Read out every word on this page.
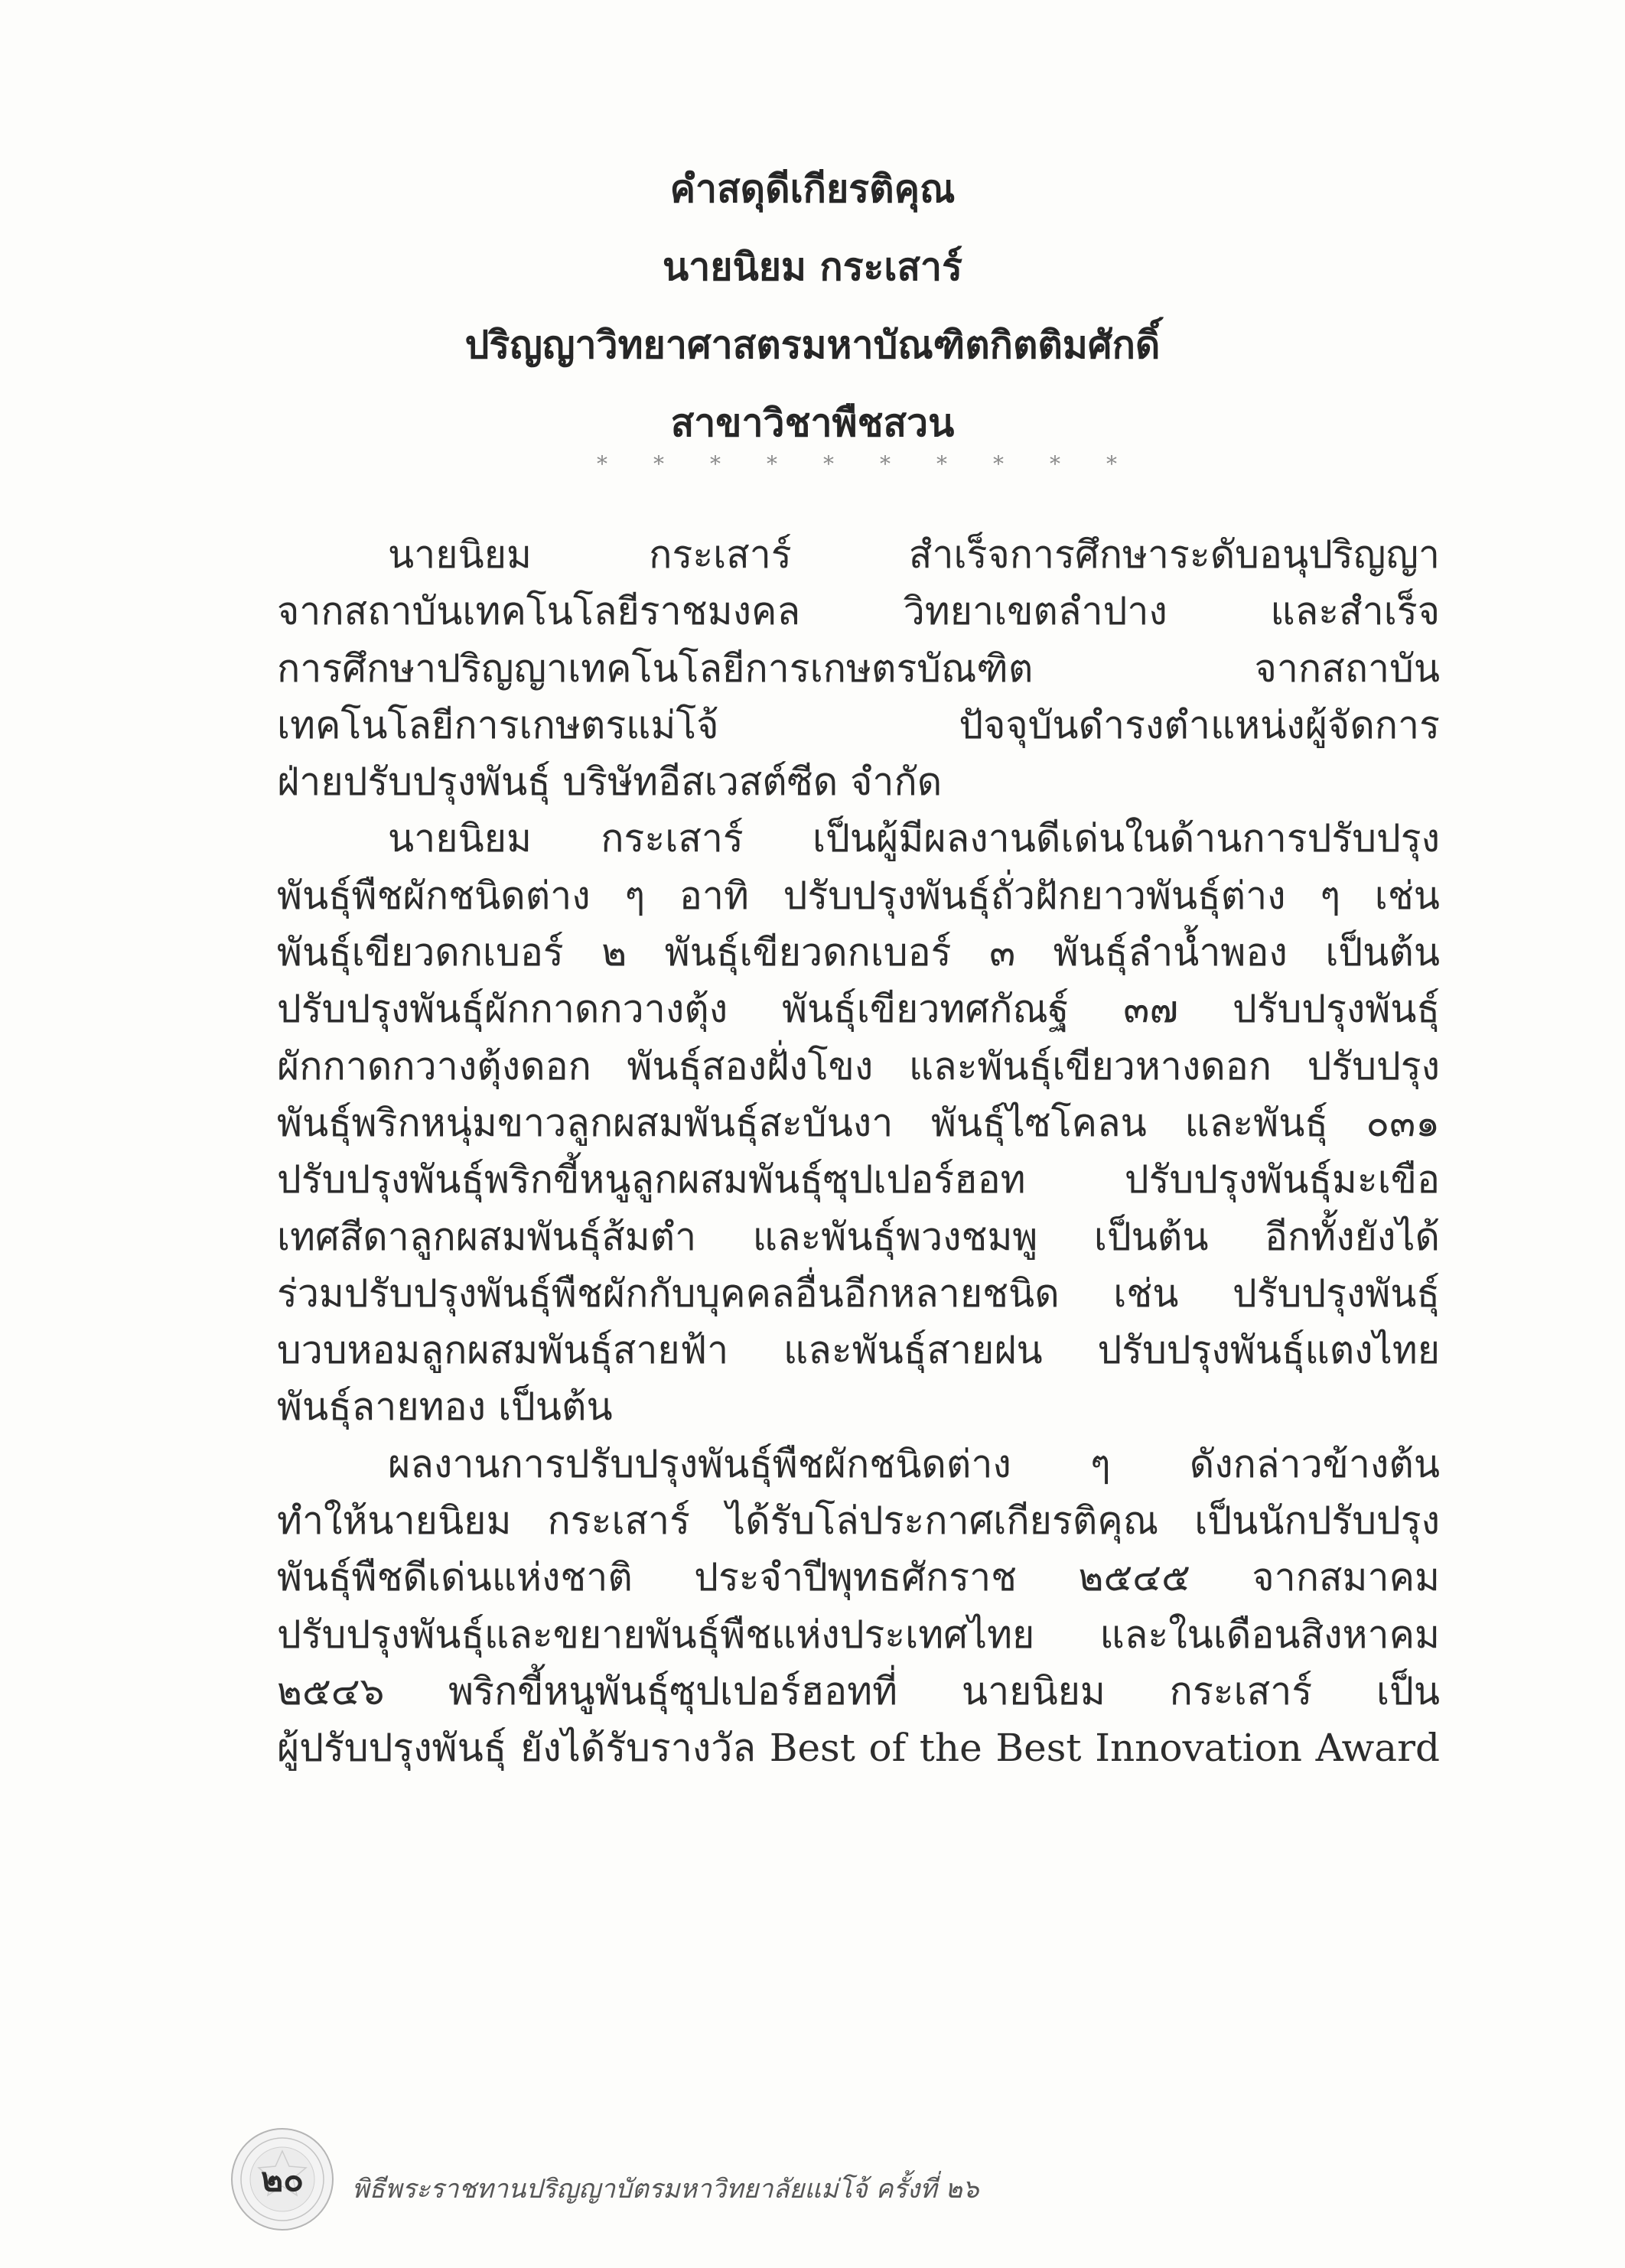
คำสดุดีเกียรติคุณ
นายนิยม กระเสาร์
ปริญญาวิทยาศาสตรมหาบัณฑิตกิตติมศักดิ์
สาขาวิชาพืชสวน
* * * * * * * * * *
นายนิยม กระเสาร์ สำเร็จการศึกษาระดับอนุปริญญา
จากสถาบันเทคโนโลยีราชมงคล วิทยาเขตลำปาง และสำเร็จ
การศึกษาปริญญาเทคโนโลยีการเกษตรบัณฑิต จากสถาบัน
เทคโนโลยีการเกษตรแม่โจ้ ปัจจุบันดำรงตำแหน่งผู้จัดการ
ฝ่ายปรับปรุงพันธุ์ บริษัทอีสเวสต์ซีด จำกัด
นายนิยม กระเสาร์ เป็นผู้มีผลงานดีเด่นในด้านการปรับปรุง
พันธุ์พืชผักชนิดต่าง ๆ อาทิ ปรับปรุงพันธุ์ถั่วฝักยาวพันธุ์ต่าง ๆ เช่น
พันธุ์เขียวดกเบอร์ ๒ พันธุ์เขียวดกเบอร์ ๓ พันธุ์ลำน้ำพอง เป็นต้น
ปรับปรุงพันธุ์ผักกาดกวางตุ้ง พันธุ์เขียวทศกัณฐ์ ๓๗ ปรับปรุงพันธุ์
ผักกาดกวางตุ้งดอก พันธุ์สองฝั่งโขง และพันธุ์เขียวหางดอก ปรับปรุง
พันธุ์พริกหนุ่มขาวลูกผสมพันธุ์สะบันงา พันธุ์ไซโคลน และพันธุ์ ๐๓๑
ปรับปรุงพันธุ์พริกขี้หนูลูกผสมพันธุ์ซุปเปอร์ฮอท ปรับปรุงพันธุ์มะเขือ
เทศสีดาลูกผสมพันธุ์ส้มตำ และพันธุ์พวงชมพู เป็นต้น อีกทั้งยังได้
ร่วมปรับปรุงพันธุ์พืชผักกับบุคคลอื่นอีกหลายชนิด เช่น ปรับปรุงพันธุ์
บวบหอมลูกผสมพันธุ์สายฟ้า และพันธุ์สายฝน ปรับปรุงพันธุ์แตงไทย
พันธุ์ลายทอง เป็นต้น
ผลงานการปรับปรุงพันธุ์พืชผักชนิดต่าง ๆ ดังกล่าวข้างต้น
ทำให้นายนิยม กระเสาร์ ได้รับโล่ประกาศเกียรติคุณ เป็นนักปรับปรุง
พันธุ์พืชดีเด่นแห่งชาติ ประจำปีพุทธศักราช ๒๕๔๕ จากสมาคม
ปรับปรุงพันธุ์และขยายพันธุ์พืชแห่งประเทศไทย และในเดือนสิงหาคม
๒๕๔๖ พริกขี้หนูพันธุ์ซุปเปอร์ฮอทที่ นายนิยม กระเสาร์ เป็น
ผู้ปรับปรุงพันธุ์ ยังได้รับรางวัล Best of the Best Innovation Award
๒๐ พิธีพระราชทานปริญญาบัตรมหาวิทยาลัยแม่โจ้ ครั้งที่ ๒๖
